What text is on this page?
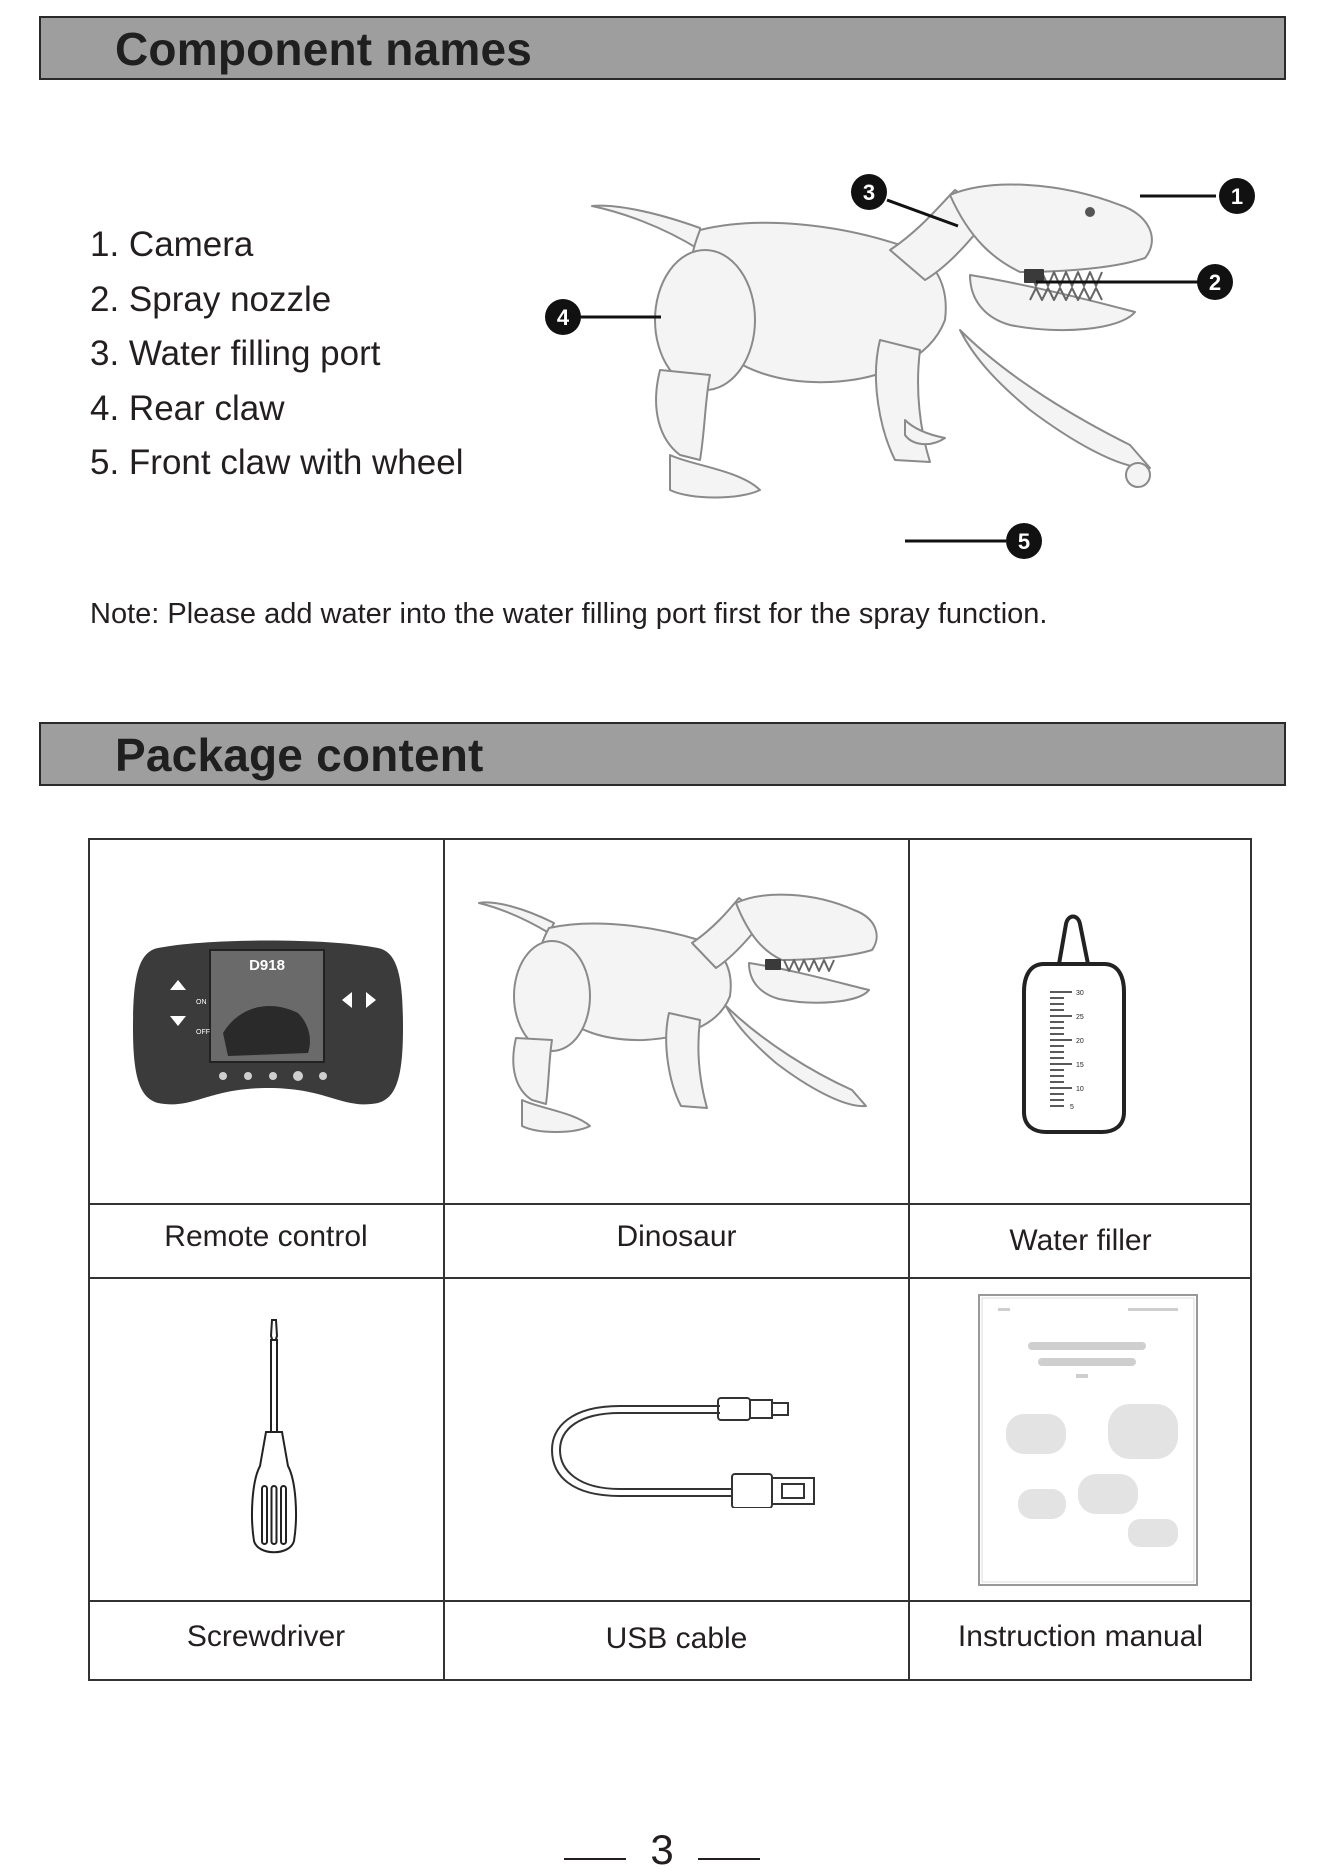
Component names
1. Camera
2. Spray nozzle
3. Water filling port
4. Rear claw
5. Front claw with wheel
1
2
3
4
5
Note: Please add water into the water filling port first for the spray function.
Package content
D918
ON
OFF
30
25
20
15
10
5
Remote control	Dinosaur	Water filler
Screwdriver	USB cable	Instruction manual
3
